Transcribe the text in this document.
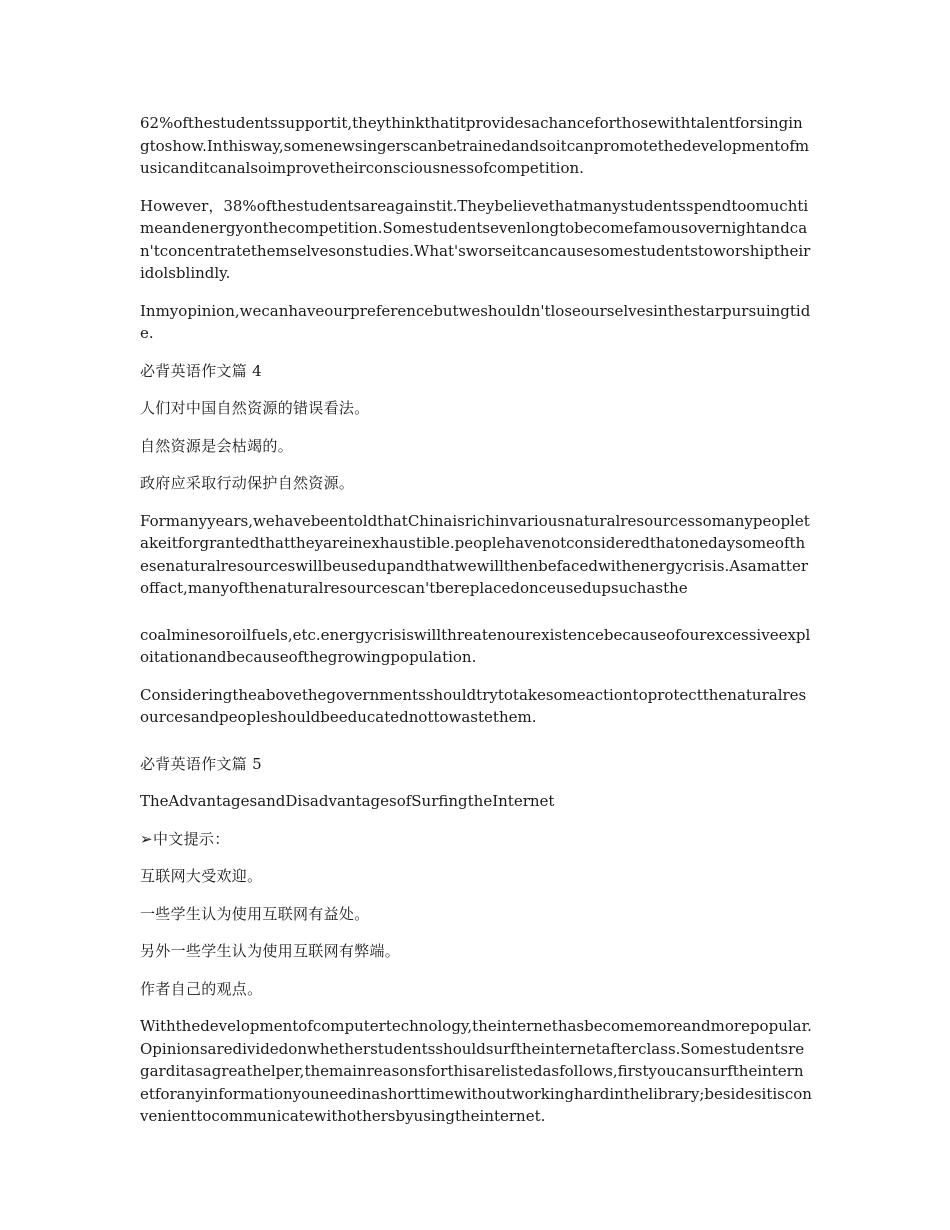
62%ofthestudentssupportit,theythinkthatitprovidesachanceforthosewithtalentforsingingtoshow.Inthisway,somenewsingerscanbetrainedandsoitcanpromotethedevelopmentofmusicanditcanalsoimprovetheirconsciousnessofcompetition.

However，38%ofthestudentsareagainstit.Theybelievethatmanystudentsspendtoomuchtimeandenergyonthecompetition.Somestudentsevenlongtobecomefamousovernightandcan'tconcentratethemselvesonstudies.What'sworseitcancausesomestudentstoworshiptheiridolsblindly.

Inmyopinion,wecanhaveourpreferencebutweshouldn'tloseourselvesinthestarpursuingtide.

必背英语作文篇 4

人们对中国自然资源的错误看法。

自然资源是会枯竭的。

政府应采取行动保护自然资源。

Formanyyears,wehavebeentoldthatChinaisrichinvariousnaturalresourcessomanypeopletakeitforgrantedthattheyareinexhaustible.peoplehavenotconsideredthatonedaysomeofthesenaturalresourceswillbeusedupandthatwewillthenbefacedwithenergycrisis.Asamatteroffact,manyofthenaturalresourcescan'tbereplacedonceusedupsuchasthe

coalminesoroilfuels,etc.energycrisiswillthreatenourexistencebecauseofourexcessiveexploitationandbecauseofthegrowingpopulation.

Consideringtheabovethegovernmentsshouldtrytotakesomeactiontoprotectthenaturalresourcesandpeopleshouldbeeducatednottowastethem.

必背英语作文篇 5

TheAdvantagesandDisadvantagesofSurfingtheInternet

➢中文提示：

互联网大受欢迎。

一些学生认为使用互联网有益处。

另外一些学生认为使用互联网有弊端。

作者自己的观点。

Withthedevelopmentofcomputertechnology,theinternethasbecomemoreandmorepopular.Opinionsaredividedonwhetherstudentsshouldsurftheinternetafterclass.Somestudentsregarditasagreathelper,themainreasonsforthisarelistedasfollows,firstyoucansurftheinternetforanyinformationyouneedinashorttimewithoutworkinghardinthelibrary;besidesitisconvenienttocommunicatewithothersbyusingtheinternet.
